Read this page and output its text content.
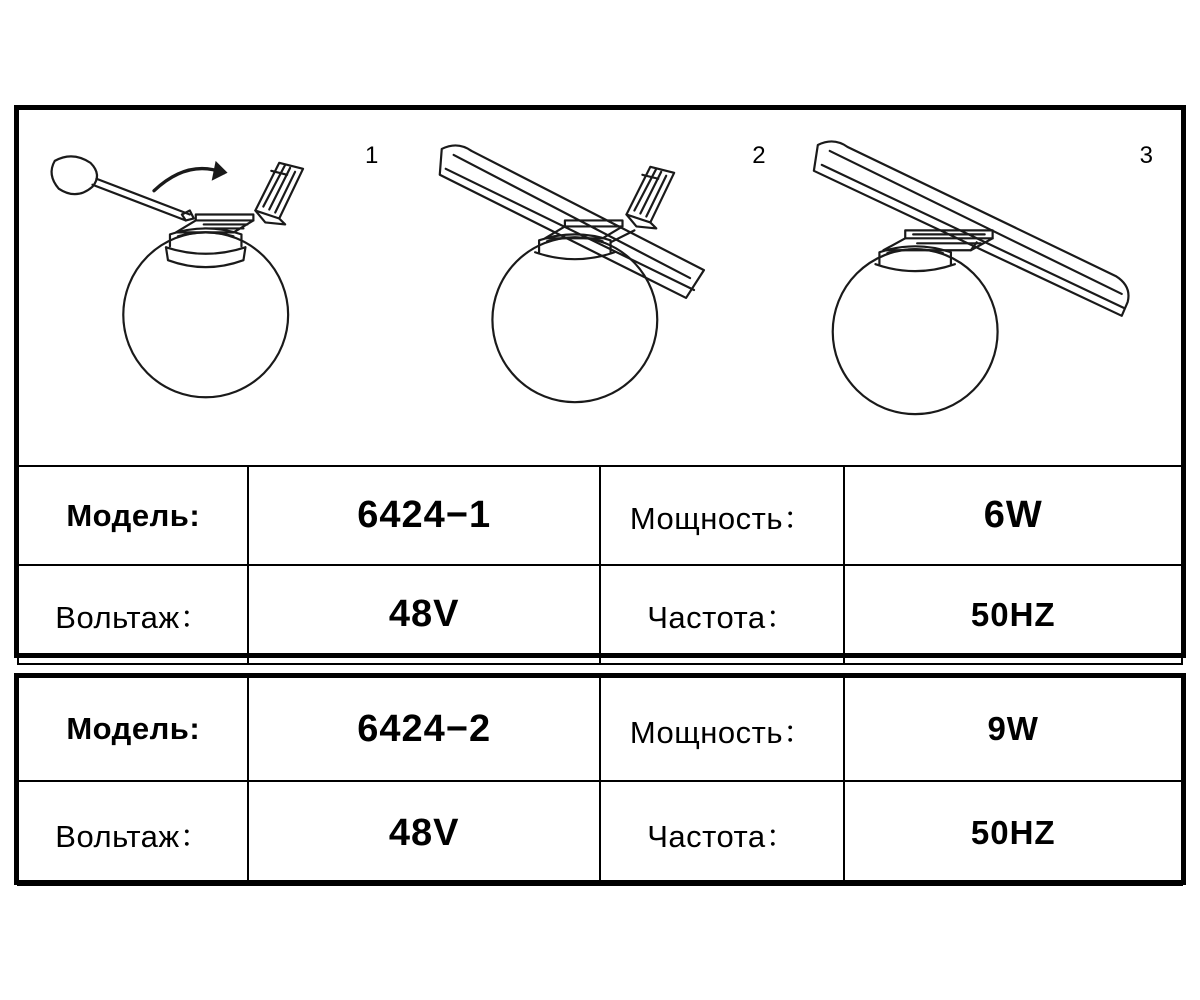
1	2	3
Модель:	6424−1	Мощность：	6W
Вольтаж：	48V	Частота：	50HZ
Модель:	6424−2	Мощность：	9W
Вольтаж：	48V	Частота：	50HZ
